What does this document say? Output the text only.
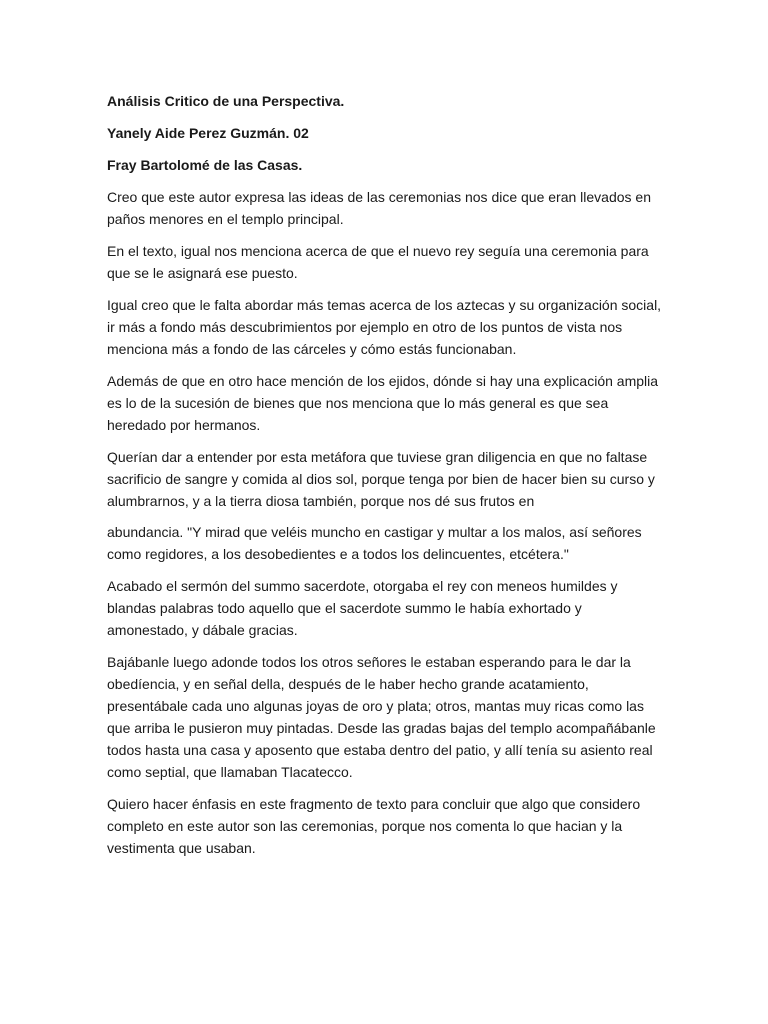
Análisis Critico de una Perspectiva.

Yanely Aide Perez Guzmán. 02

Fray Bartolomé de las Casas.

Creo que este autor expresa las ideas de las ceremonias nos dice que eran llevados en paños menores en el templo principal.

En el texto, igual nos menciona acerca de que el nuevo rey seguía una ceremonia para que se le asignará ese puesto.

Igual creo que le falta abordar más temas acerca de los aztecas y su organización social, ir más a fondo más descubrimientos por ejemplo en otro de los puntos de vista nos menciona más a fondo de las cárceles y cómo estás funcionaban.

Además de que en otro hace mención de los ejidos, dónde si hay una explicación amplia es lo de la sucesión de bienes que nos menciona que lo más general es que sea heredado por hermanos.

Querían dar a entender por esta metáfora que tuviese gran diligencia en que no faltase sacrificio de sangre y comida al dios sol, porque tenga por bien de hacer bien su curso y alumbrarnos, y a la tierra diosa también, porque nos dé sus frutos en

abundancia. "Y mirad que veléis muncho en castigar y multar a los malos, así señores como regidores, a los desobedientes e a todos los delincuentes, etcétera."

Acabado el sermón del summo sacerdote, otorgaba el rey con meneos humildes y blandas palabras todo aquello que el sacerdote summo le había exhortado y amonestado, y dábale gracias.

Bajábanle luego adonde todos los otros señores le estaban esperando para le dar la obedíencia, y en señal della, después de le haber hecho grande acatamiento, presentábale cada uno algunas joyas de oro y plata; otros, mantas muy ricas como las que arriba le pusieron muy pintadas. Desde las gradas bajas del templo acompañábanle todos hasta una casa y aposento que estaba dentro del patio, y allí tenía su asiento real como septial, que llamaban Tlacatecco.

Quiero hacer énfasis en este fragmento de texto para concluir que algo que considero completo en este autor son las ceremonias, porque nos comenta lo que hacian y la vestimenta que usaban.
